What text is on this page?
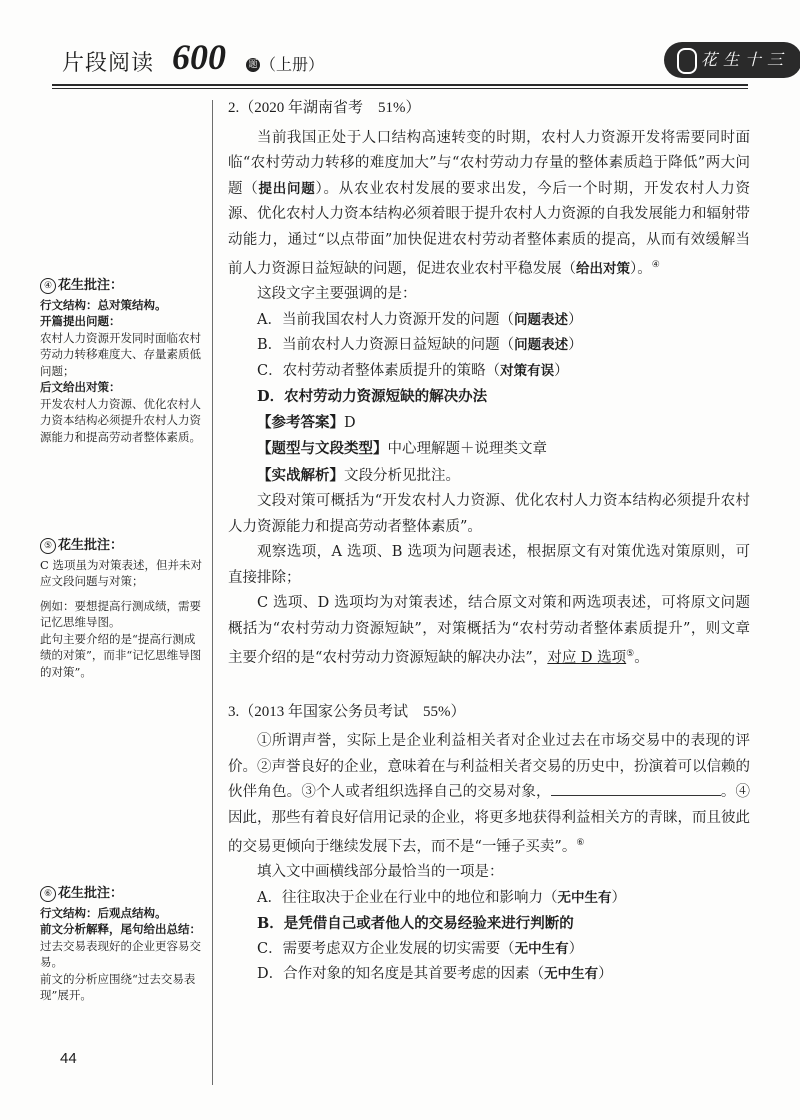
片段阅读 600 题 （上册）	花生十三

2.（2020 年湖南省考　51%）

当前我国正处于人口结构高速转变的时期，农村人力资源开发将需要同时面临“农村劳动力转移的难度加大”与“农村劳动力存量的整体素质趋于降低”两大问题（提出问题）。从农业农村发展的要求出发，今后一个时期，开发农村人力资源、优化农村人力资本结构必须着眼于提升农村人力资源的自我发展能力和辐射带动能力，通过“以点带面”加快促进农村劳动者整体素质的提高，从而有效缓解当前人力资源日益短缺的问题，促进农业农村平稳发展（给出对策）。④

这段文字主要强调的是：

A．当前我国农村人力资源开发的问题（问题表述）

B．当前农村人力资源日益短缺的问题（问题表述）

C．农村劳动者整体素质提升的策略（对策有误）

D．农村劳动力资源短缺的解决办法

【参考答案】D

【题型与文段类型】中心理解题＋说理类文章

【实战解析】文段分析见批注。

文段对策可概括为“开发农村人力资源、优化农村人力资本结构必须提升农村人力资源能力和提高劳动者整体素质”。

观察选项，A 选项、B 选项为问题表述，根据原文有对策优选对策原则，可直接排除；

C 选项、D 选项均为对策表述，结合原文对策和两选项表述，可将原文问题概括为“农村劳动力资源短缺”，对策概括为“农村劳动者整体素质提升”，则文章主要介绍的是“农村劳动力资源短缺的解决办法”，对应 D 选项⑤。

3.（2013 年国家公务员考试　55%）

①所谓声誉，实际上是企业利益相关者对企业过去在市场交易中的表现的评价。②声誉良好的企业，意味着在与利益相关者交易的历史中，扮演着可以信赖的伙伴角色。③个人或者组织选择自己的交易对象，	。④因此，那些有着良好信用记录的企业，将更多地获得利益相关方的青睐，而且彼此的交易更倾向于继续发展下去，而不是“一锤子买卖”。⑥

填入文中画横线部分最恰当的一项是：

A．往往取决于企业在行业中的地位和影响力（无中生有）

B．是凭借自己或者他人的交易经验来进行判断的

C．需要考虑双方企业发展的切实需要（无中生有）

D．合作对象的知名度是其首要考虑的因素（无中生有）

④ 花生批注：

行文结构：总对策结构。

开篇提出问题：

农村人力资源开发同时面临农村劳动力转移难度大、存量素质低问题；

后文给出对策：

开发农村人力资源、优化农村人力资本结构必须提升农村人力资源能力和提高劳动者整体素质。

⑤ 花生批注：

C 选项虽为对策表述，但并未对应文段问题与对策；

例如：要想提高行测成绩，需要记忆思维导图。

此句主要介绍的是“提高行测成绩的对策”，而非“记忆思维导图的对策”。

⑥ 花生批注：

行文结构：后观点结构。

前文分析解释，尾句给出总结：过去交易表现好的企业更容易交易。

前文的分析应围绕“过去交易表现”展开。

44
